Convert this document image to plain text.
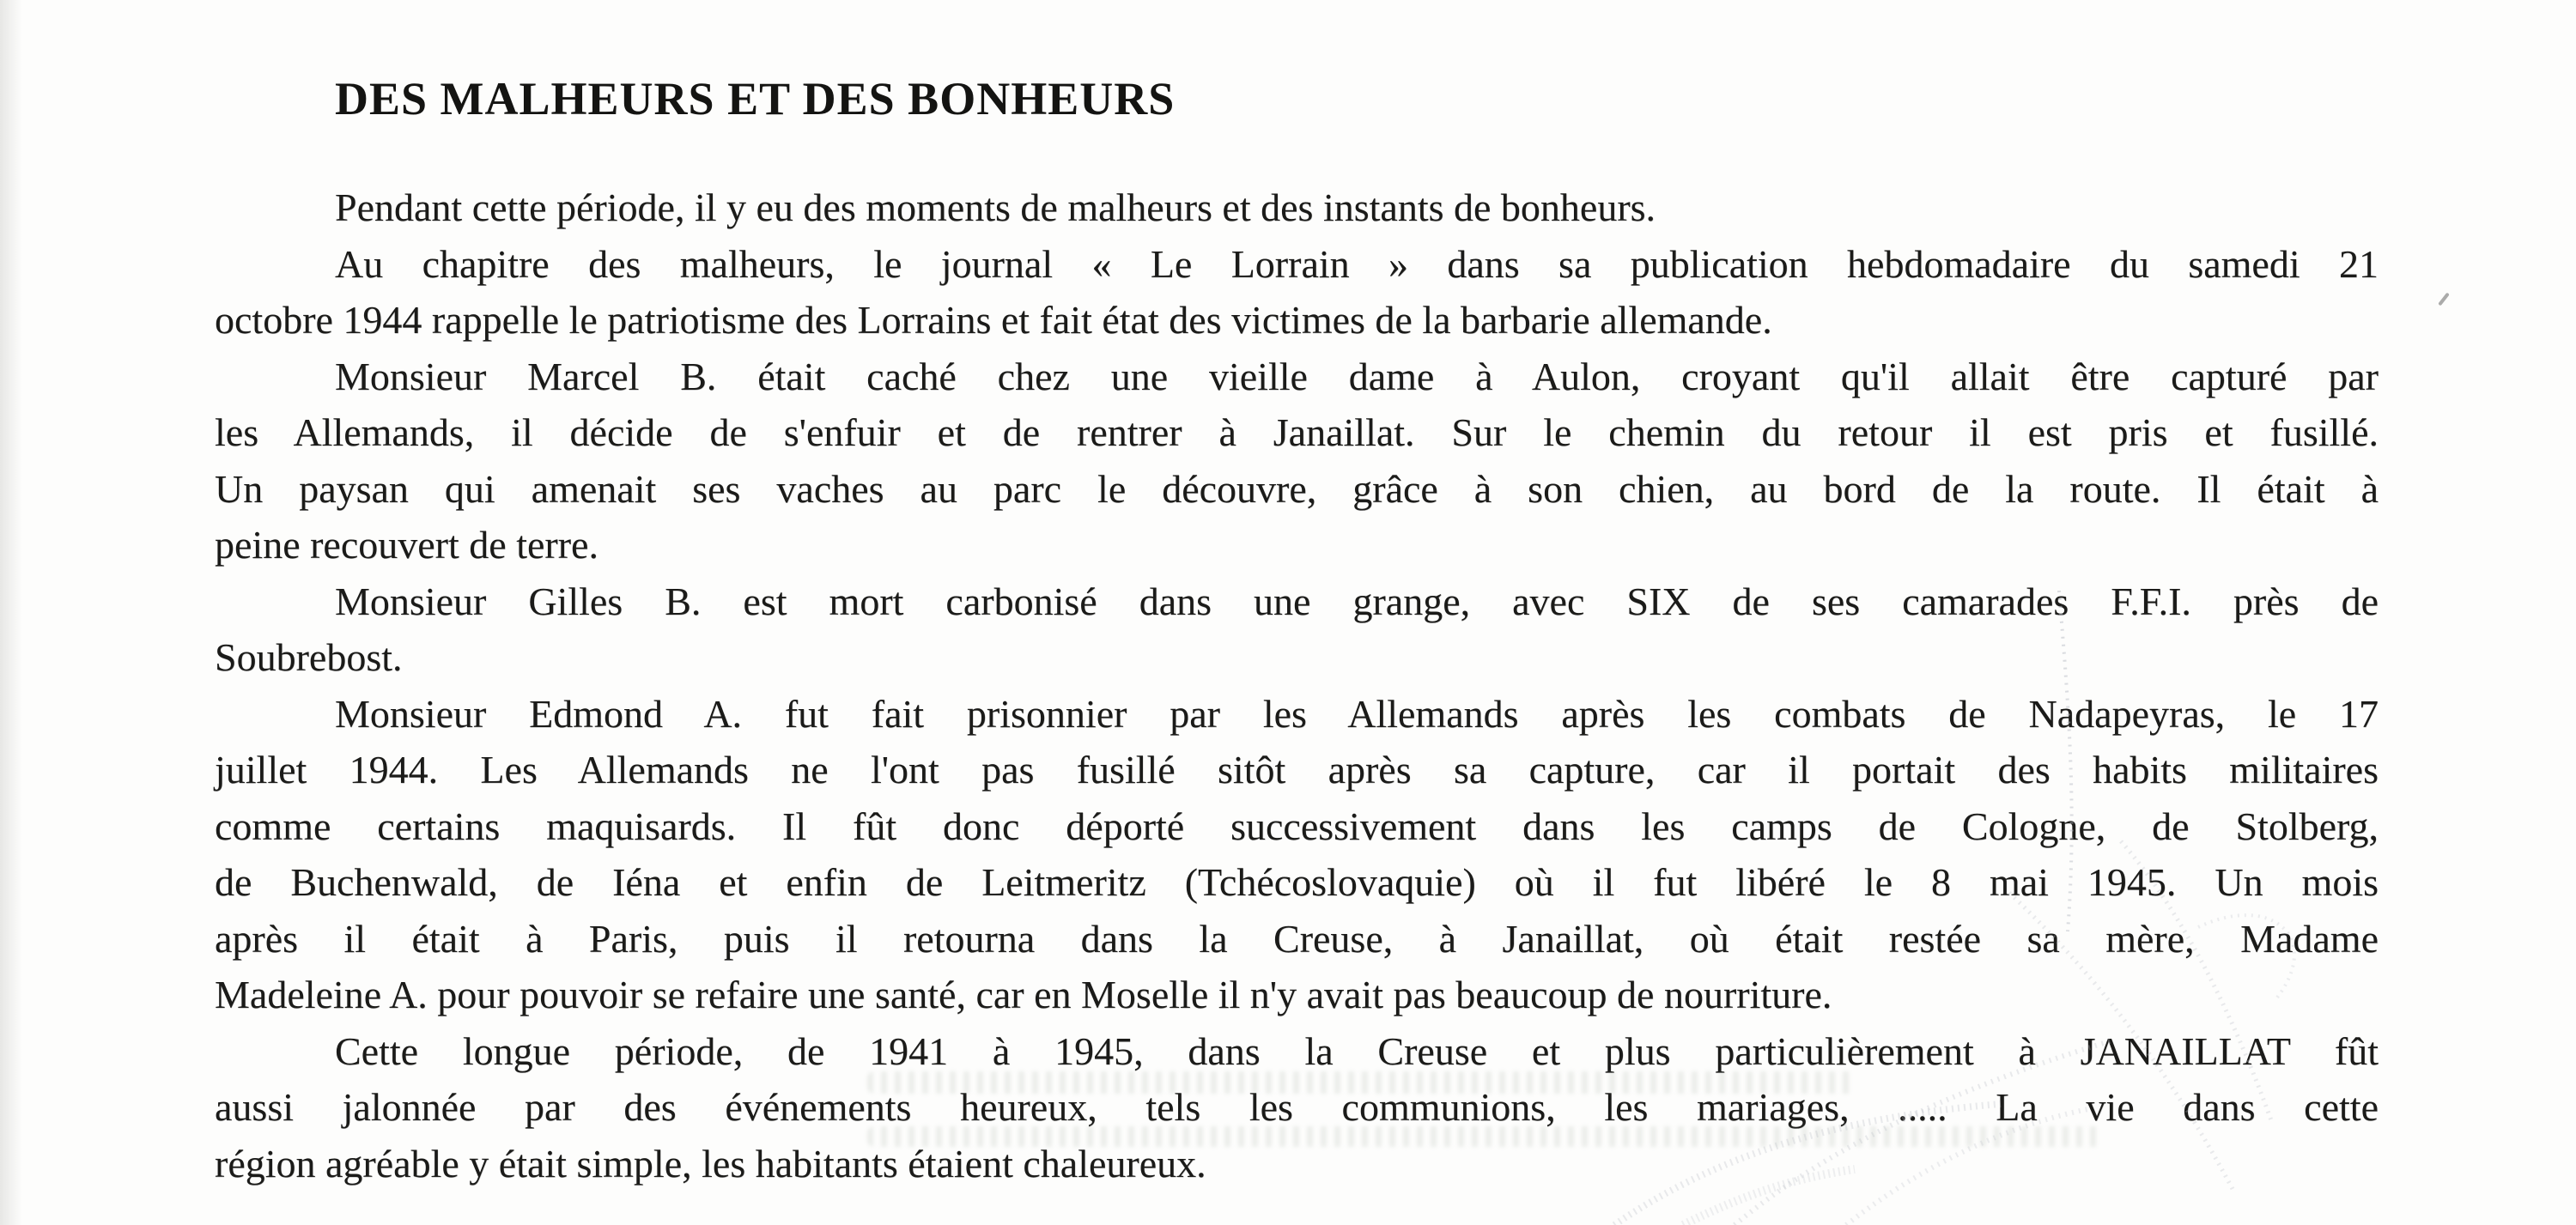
DES MALHEURS ET DES BONHEURS
Pendant cette période, il y eu des moments de malheurs et des instants de bonheurs.
Au chapitre des malheurs, le journal « Le Lorrain » dans sa publication hebdomadaire du samedi 21
octobre 1944 rappelle le patriotisme des Lorrains et fait état des victimes de la barbarie allemande.
Monsieur Marcel B. était caché chez une vieille dame à Aulon, croyant qu'il allait être capturé par
les Allemands, il décide de s'enfuir et de rentrer à Janaillat. Sur le chemin du retour il est pris et fusillé.
Un paysan qui amenait ses vaches au parc le découvre, grâce à son chien, au bord de la route. Il était à
peine recouvert de terre.
Monsieur Gilles B. est mort carbonisé dans une grange, avec SIX de ses camarades F.F.I. près de
Soubrebost.
Monsieur Edmond A. fut fait prisonnier par les Allemands après les combats de Nadapeyras, le 17
juillet 1944. Les Allemands ne l'ont pas fusillé sitôt après sa capture, car il portait des habits militaires
comme certains maquisards. Il fût donc déporté successivement dans les camps de Cologne, de Stolberg,
de Buchenwald, de Iéna et enfin de Leitmeritz (Tchécoslovaquie) où il fut libéré le 8 mai 1945. Un mois
après il était à Paris, puis il retourna dans la Creuse, à Janaillat, où était restée sa mère, Madame
Madeleine A. pour pouvoir se refaire une santé, car en Moselle il n'y avait pas beaucoup de nourriture.
Cette longue période, de 1941 à 1945, dans la Creuse et plus particulièrement à JANAILLAT fût
aussi jalonnée par des événements heureux, tels les communions, les mariages, ..... La vie dans cette
région agréable y était simple, les habitants étaient chaleureux.
